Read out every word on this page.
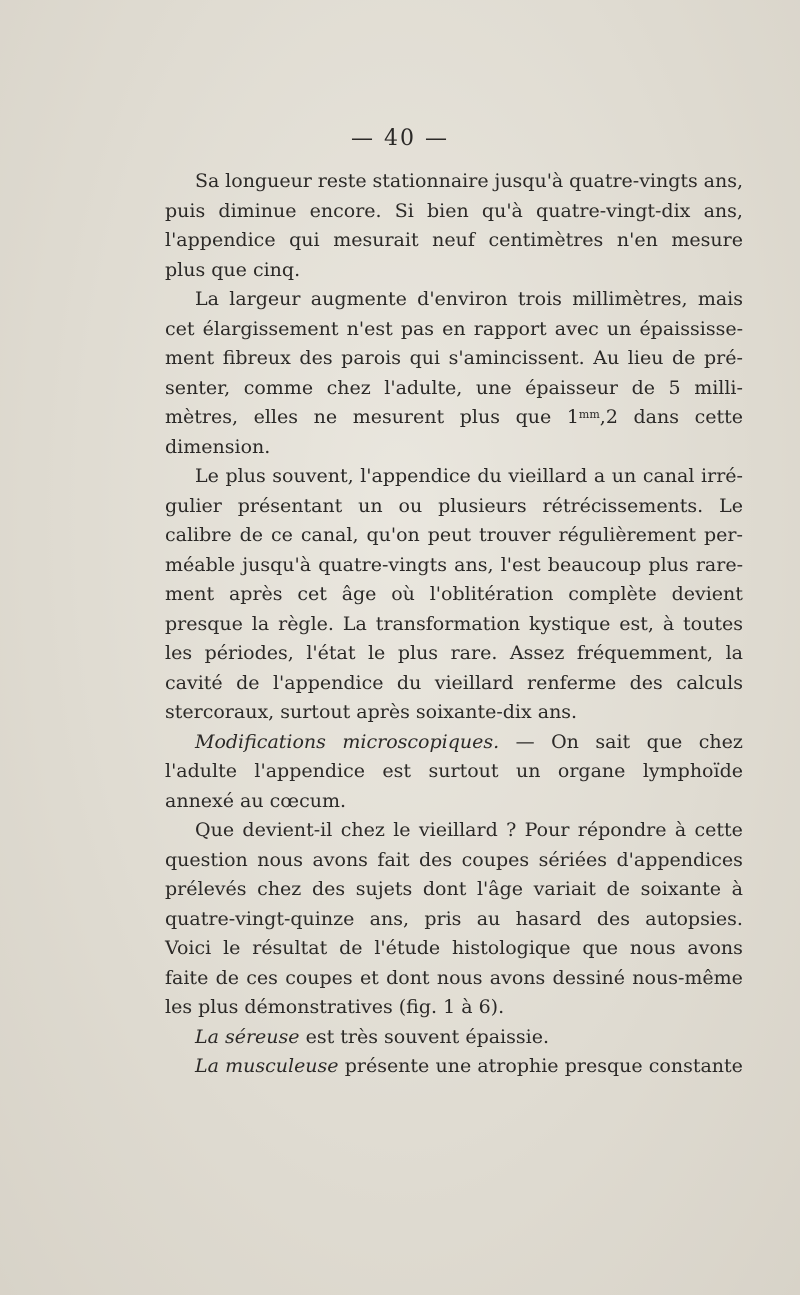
— 40 —
Sa longueur reste stationnaire jusqu'à quatre-vingts ans,
puis diminue encore. Si bien qu'à quatre-vingt-dix ans,
l'appendice qui mesurait neuf centimètres n'en mesure
plus que cinq.
La largeur augmente d'environ trois millimètres, mais
cet élargissement n'est pas en rapport avec un épaississe-
ment fibreux des parois qui s'amincissent. Au lieu de pré-
senter, comme chez l'adulte, une épaisseur de 5 milli-
mètres, elles ne mesurent plus que $1^{mm},2$ dans cette
dimension.
Le plus souvent, l'appendice du vieillard a un canal irré-
gulier présentant un ou plusieurs rétrécissements. Le
calibre de ce canal, qu'on peut trouver régulièrement per-
méable jusqu'à quatre-vingts ans, l'est beaucoup plus rare-
ment après cet âge où l'oblitération complète devient
presque la règle. La transformation kystique est, à toutes
les périodes, l'état le plus rare. Assez fréquemment, la
cavité de l'appendice du vieillard renferme des calculs
stercoraux, surtout après soixante-dix ans.
Modifications microscopiques. — On sait que chez
l'adulte l'appendice est surtout un organe lymphoïde
annexé au cœcum.
Que devient-il chez le vieillard ? Pour répondre à cette
question nous avons fait des coupes sériées d'appendices
prélevés chez des sujets dont l'âge variait de soixante à
quatre-vingt-quinze ans, pris au hasard des autopsies.
Voici le résultat de l'étude histologique que nous avons
faite de ces coupes et dont nous avons dessiné nous-même
les plus démonstratives (fig. 1 à 6).
La séreuse est très souvent épaissie.
La musculeuse présente une atrophie presque constante
